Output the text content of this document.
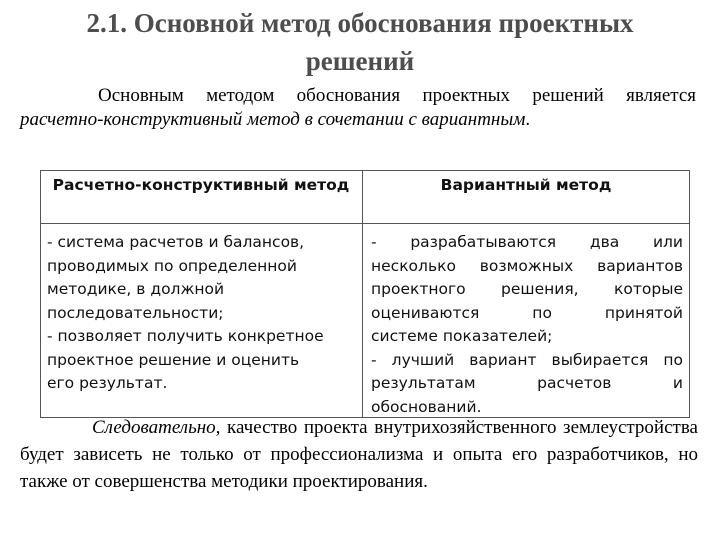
2.1. Основной метод обоснования проектных
решений
Основным методом обоснования проектных решений является расчетно-конструктивный метод в сочетании с вариантным.
Расчетно-конструктивный метод	Вариантный метод
- система расчетов и балансов,
проводимых по определенной
методике, в должной
последовательности;
- позволяет получить конкретное
проектное решение и оценить
его результат.
- разрабатываются два или
несколько возможных вариантов
проектного решения, которые
оцениваются по принятой
системе показателей;
- лучший вариант выбирается по
результатам расчетов и
обоснований.
Следовательно, качество проекта внутрихозяйственного землеустройства будет зависеть не только от профессионализма и опыта его разработчиков, но также от совершенства методики проектирования.
